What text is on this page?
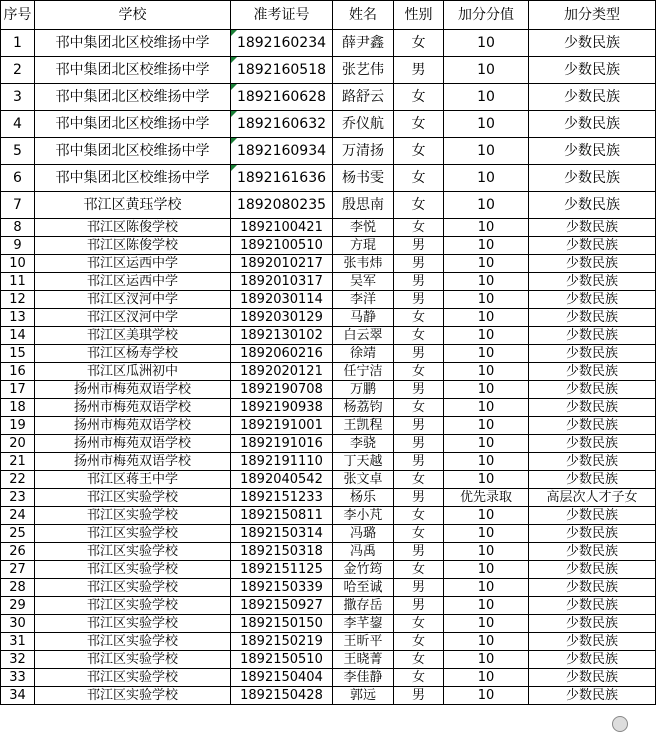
序号	学校	准考证号	姓名	性别	加分分值	加分类型
1	邗中集团北区校维扬中学	1892160234	薛尹鑫	女	10	少数民族
2	邗中集团北区校维扬中学	1892160518	张艺伟	男	10	少数民族
3	邗中集团北区校维扬中学	1892160628	路舒云	女	10	少数民族
4	邗中集团北区校维扬中学	1892160632	乔仪航	女	10	少数民族
5	邗中集团北区校维扬中学	1892160934	万清扬	女	10	少数民族
6	邗中集团北区校维扬中学	1892161636	杨书雯	女	10	少数民族
7	邗江区黄珏学校	1892080235	殷思南	女	10	少数民族
8	邗江区陈俊学校	1892100421	李悦	女	10	少数民族
9	邗江区陈俊学校	1892100510	方琨	男	10	少数民族
10	邗江区运西中学	1892010217	张韦炜	男	10	少数民族
11	邗江区运西中学	1892010317	吴军	男	10	少数民族
12	邗江区汊河中学	1892030114	李洋	男	10	少数民族
13	邗江区汊河中学	1892030129	马静	女	10	少数民族
14	邗江区美琪学校	1892130102	白云翠	女	10	少数民族
15	邗江区杨寿学校	1892060216	徐靖	男	10	少数民族
16	邗江区瓜洲初中	1892020121	任宁洁	女	10	少数民族
17	扬州市梅苑双语学校	1892190708	万鹏	男	10	少数民族
18	扬州市梅苑双语学校	1892190938	杨荔钧	女	10	少数民族
19	扬州市梅苑双语学校	1892191001	王凯程	男	10	少数民族
20	扬州市梅苑双语学校	1892191016	李骁	男	10	少数民族
21	扬州市梅苑双语学校	1892191110	丁天越	男	10	少数民族
22	邗江区蒋王中学	1892040542	张文卓	女	10	少数民族
23	邗江区实验学校	1892151233	杨乐	男	优先录取	高层次人才子女
24	邗江区实验学校	1892150811	李小芃	女	10	少数民族
25	邗江区实验学校	1892150314	冯璐	女	10	少数民族
26	邗江区实验学校	1892150318	冯禹	男	10	少数民族
27	邗江区实验学校	1892151125	金竹筠	女	10	少数民族
28	邗江区实验学校	1892150339	哈至诚	男	10	少数民族
29	邗江区实验学校	1892150927	撒存岳	男	10	少数民族
30	邗江区实验学校	1892150150	李芊鋆	女	10	少数民族
31	邗江区实验学校	1892150219	王昕平	女	10	少数民族
32	邗江区实验学校	1892150510	王晓菁	女	10	少数民族
33	邗江区实验学校	1892150404	李佳静	女	10	少数民族
34	邗江区实验学校	1892150428	郭远	男	10	少数民族
